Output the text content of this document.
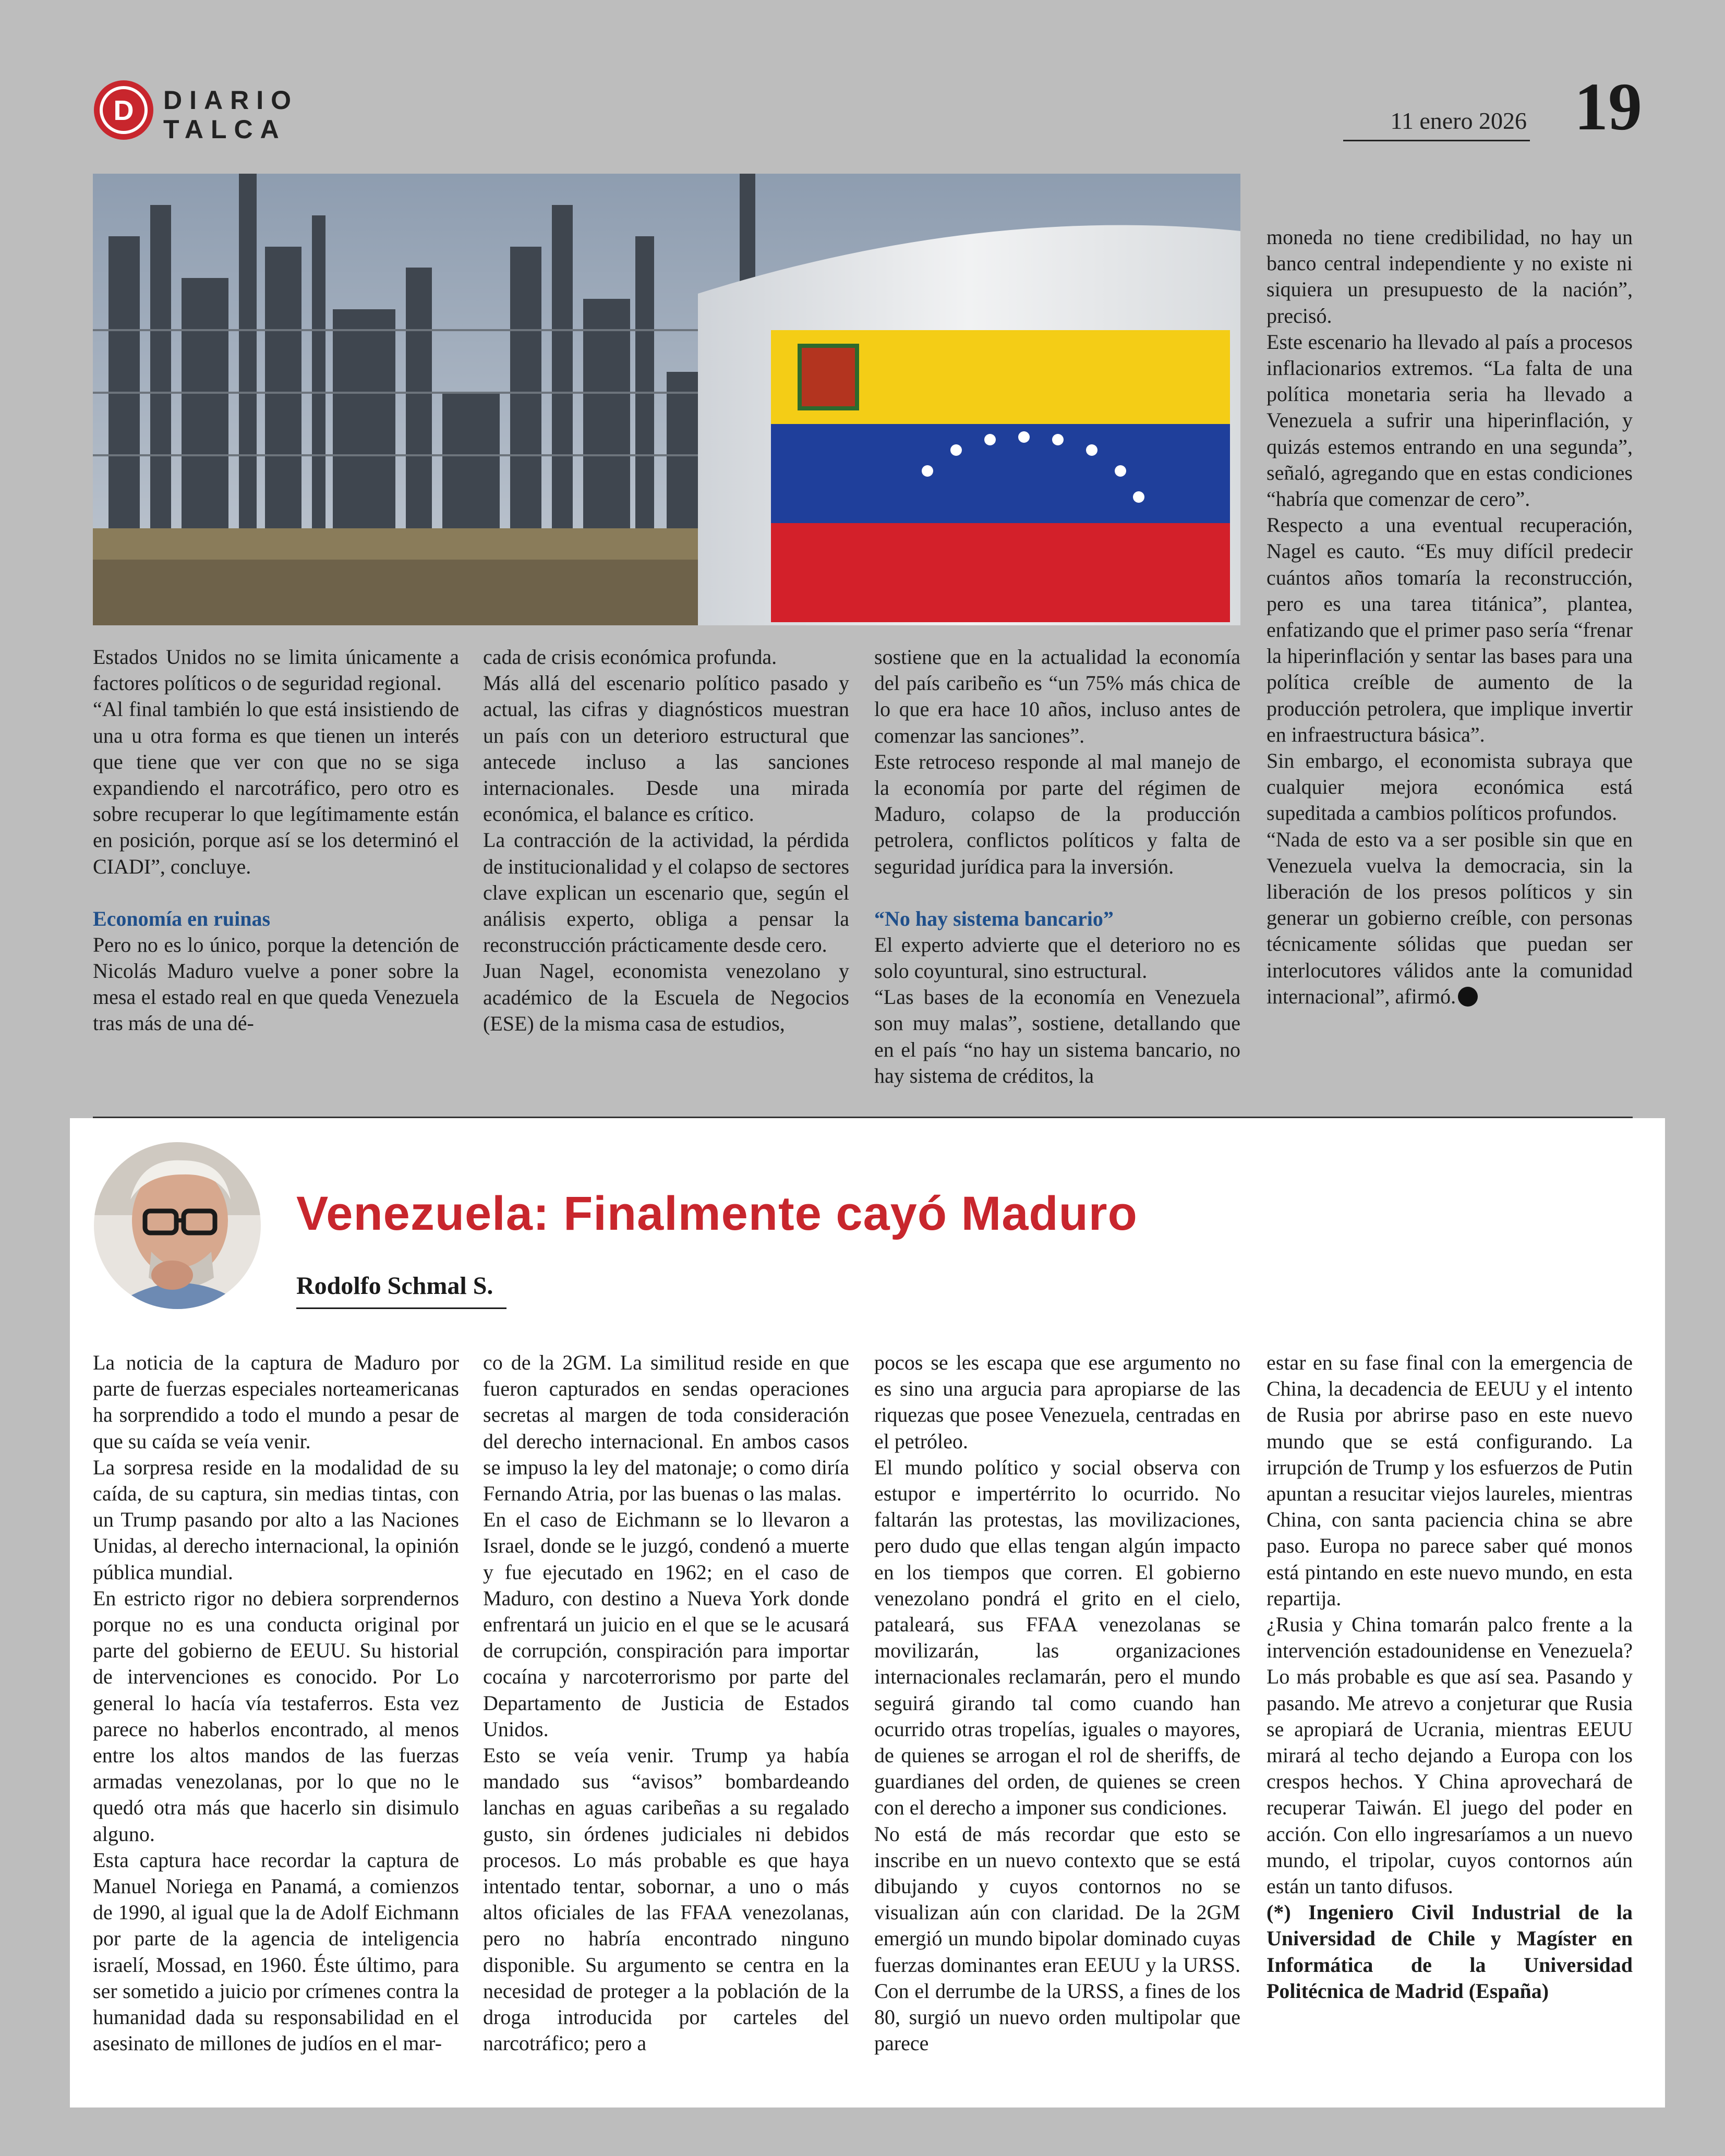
D DIARIO
TALCA	11 enero 2026 19

Estados Unidos no se limita únicamente a factores políticos o de seguridad regional.

“Al final también lo que está insistiendo de una u otra forma es que tienen un interés que tiene que ver con que no se siga expandiendo el narcotráfico, pero otro es sobre recuperar lo que legítimamente están en posición, porque así se los determinó el CIADI”, concluye.

Economía en ruinas

Pero no es lo único, porque la detención de Nicolás Maduro vuelve a poner sobre la mesa el estado real en que queda Venezuela tras más de una dé-

cada de crisis económica profunda.

Más allá del escenario político pasado y actual, las cifras y diagnósticos muestran un país con un deterioro estructural que antecede incluso a las sanciones internacionales. Desde una mirada económica, el balance es crítico.

La contracción de la actividad, la pérdida de institucionalidad y el colapso de sectores clave explican un escenario que, según el análisis experto, obliga a pensar la reconstrucción prácticamente desde cero.

Juan Nagel, economista venezolano y académico de la Escuela de Negocios (ESE) de la misma casa de estudios,

sostiene que en la actualidad la economía del país caribeño es “un 75% más chica de lo que era hace 10 años, incluso antes de comenzar las sanciones”.

Este retroceso responde al mal manejo de la economía por parte del régimen de Maduro, colapso de la producción petrolera, conflictos políticos y falta de seguridad jurídica para la inversión.

“No hay sistema bancario”

El experto advierte que el deterioro no es solo coyuntural, sino estructural.

“Las bases de la economía en Venezuela son muy malas”, sostiene, detallando que en el país “no hay un sistema bancario, no hay sistema de créditos, la

moneda no tiene credibilidad, no hay un banco central independiente y no existe ni siquiera un presupuesto de la nación”, precisó.

Este escenario ha llevado al país a procesos inflacionarios extremos. “La falta de una política monetaria seria ha llevado a Venezuela a sufrir una hiperinflación, y quizás estemos entrando en una segunda”, señaló, agregando que en estas condiciones “habría que comenzar de cero”.

Respecto a una eventual recuperación, Nagel es cauto. “Es muy difícil predecir cuántos años tomaría la reconstrucción, pero es una tarea titánica”, plantea, enfatizando que el primer paso sería “frenar la hiperinflación y sentar las bases para una política creíble de aumento de la producción petrolera, que implique invertir en infraestructura básica”.

Sin embargo, el economista subraya que cualquier mejora económica está supeditada a cambios políticos profundos.

“Nada de esto va a ser posible sin que en Venezuela vuelva la democracia, sin la liberación de los presos políticos y sin generar un gobierno creíble, con personas técnicamente sólidas que puedan ser interlocutores válidos ante la comunidad internacional”, afirmó.

Venezuela: Finalmente cayó Maduro
Rodolfo Schmal S.

La noticia de la captura de Maduro por parte de fuerzas especiales norteamericanas ha sorprendido a todo el mundo a pesar de que su caída se veía venir.

La sorpresa reside en la modalidad de su caída, de su captura, sin medias tintas, con un Trump pasando por alto a las Naciones Unidas, al derecho internacional, la opinión pública mundial.

En estricto rigor no debiera sorprendernos porque no es una conducta original por parte del gobierno de EEUU. Su historial de intervenciones es conocido. Por Lo general lo hacía vía testaferros. Esta vez parece no haberlos encontrado, al menos entre los altos mandos de las fuerzas armadas venezolanas, por lo que no le quedó otra más que hacerlo sin disimulo alguno.

Esta captura hace recordar la captura de Manuel Noriega en Panamá, a comienzos de 1990, al igual que la de Adolf Eichmann por parte de la agencia de inteligencia israelí, Mossad, en 1960. Éste último, para ser sometido a juicio por crímenes contra la humanidad dada su responsabilidad en el asesinato de millones de judíos en el mar-

co de la 2GM. La similitud reside en que fueron capturados en sendas operaciones secretas al margen de toda consideración del derecho internacional. En ambos casos se impuso la ley del matonaje; o como diría Fernando Atria, por las buenas o las malas.

En el caso de Eichmann se lo llevaron a Israel, donde se le juzgó, condenó a muerte y fue ejecutado en 1962; en el caso de Maduro, con destino a Nueva York donde enfrentará un juicio en el que se le acusará de corrupción, conspiración para importar cocaína y narcoterrorismo por parte del Departamento de Justicia de Estados Unidos.

Esto se veía venir. Trump ya había mandado sus “avisos” bombardeando lanchas en aguas caribeñas a su regalado gusto, sin órdenes judiciales ni debidos procesos. Lo más probable es que haya intentado tentar, sobornar, a uno o más altos oficiales de las FFAA venezolanas, pero no habría encontrado ninguno disponible. Su argumento se centra en la necesidad de proteger a la población de la droga introducida por carteles del narcotráfico; pero a

pocos se les escapa que ese argumento no es sino una argucia para apropiarse de las riquezas que posee Venezuela, centradas en el petróleo.

El mundo político y social observa con estupor e impertérrito lo ocurrido. No faltarán las protestas, las movilizaciones, pero dudo que ellas tengan algún impacto en los tiempos que corren. El gobierno venezolano pondrá el grito en el cielo, pataleará, sus FFAA venezolanas se movilizarán, las organizaciones internacionales reclamarán, pero el mundo seguirá girando tal como cuando han ocurrido otras tropelías, iguales o mayores, de quienes se arrogan el rol de sheriffs, de guardianes del orden, de quienes se creen con el derecho a imponer sus condiciones.

No está de más recordar que esto se inscribe en un nuevo contexto que se está dibujando y cuyos contornos no se visualizan aún con claridad. De la 2GM emergió un mundo bipolar dominado cuyas fuerzas dominantes eran EEUU y la URSS. Con el derrumbe de la URSS, a fines de los 80, surgió un nuevo orden multipolar que parece

estar en su fase final con la emergencia de China, la decadencia de EEUU y el intento de Rusia por abrirse paso en este nuevo mundo que se está configurando. La irrupción de Trump y los esfuerzos de Putin apuntan a resucitar viejos laureles, mientras China, con santa paciencia china se abre paso. Europa no parece saber qué monos está pintando en este nuevo mundo, en esta repartija.

¿Rusia y China tomarán palco frente a la intervención estadounidense en Venezuela? Lo más probable es que así sea. Pasando y pasando. Me atrevo a conjeturar que Rusia se apropiará de Ucrania, mientras EEUU mirará al techo dejando a Europa con los crespos hechos. Y China aprovechará de recuperar Taiwán. El juego del poder en acción. Con ello ingresaríamos a un nuevo mundo, el tripolar, cuyos contornos aún están un tanto difusos.

(*) Ingeniero Civil Industrial de la Universidad de Chile y Magíster en Informática de la Universidad Politécnica de Madrid (España)
